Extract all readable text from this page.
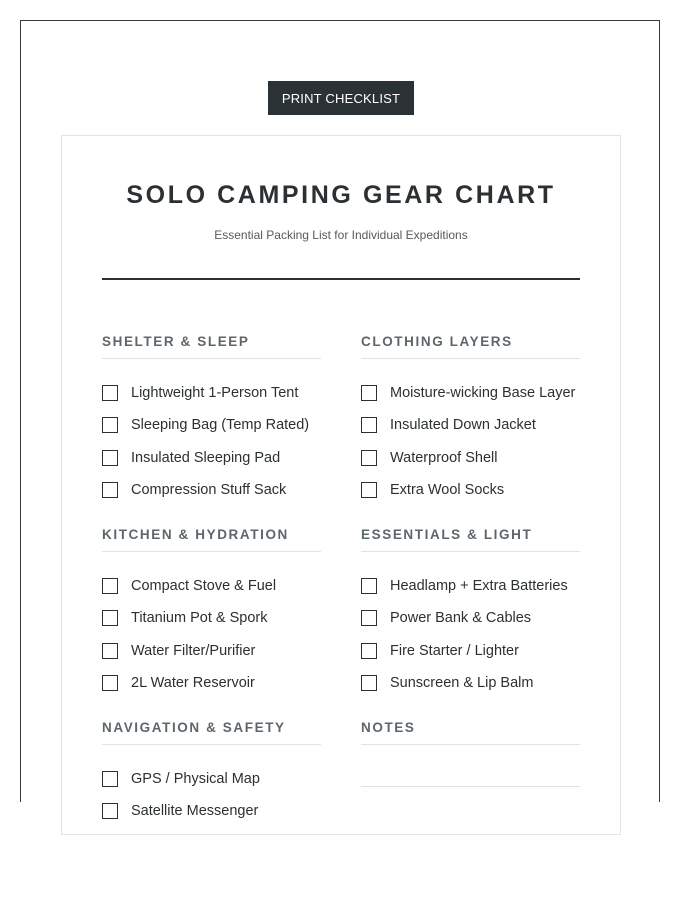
PRINT CHECKLIST
SOLO CAMPING GEAR CHART

Essential Packing List for Individual Expeditions

SHELTER & SLEEP
Lightweight 1-Person Tent
Sleeping Bag (Temp Rated)
Insulated Sleeping Pad
Compression Stuff Sack
CLOTHING LAYERS
Moisture-wicking Base Layer
Insulated Down Jacket
Waterproof Shell
Extra Wool Socks
KITCHEN & HYDRATION
Compact Stove & Fuel
Titanium Pot & Spork
Water Filter/Purifier
2L Water Reservoir
ESSENTIALS & LIGHT
Headlamp + Extra Batteries
Power Bank & Cables
Fire Starter / Lighter
Sunscreen & Lip Balm
NAVIGATION & SAFETY
GPS / Physical Map
Satellite Messenger
NOTES
